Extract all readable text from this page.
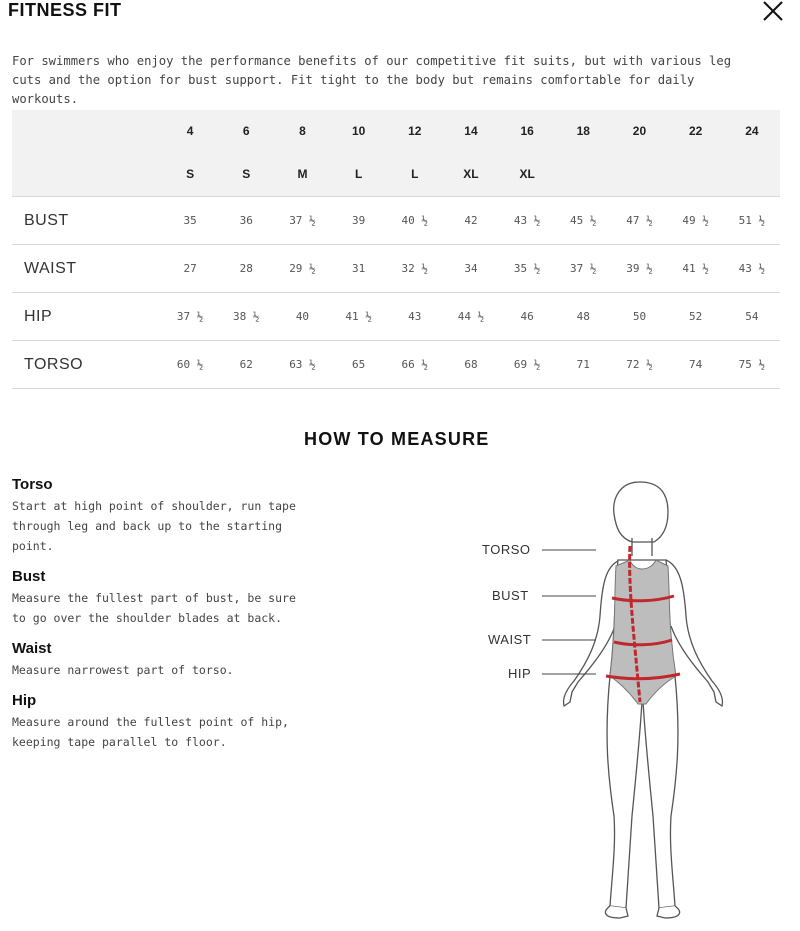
FITNESS FIT
For swimmers who enjoy the performance benefits of our competitive fit suits, but with various leg cuts and the option for bust support. Fit tight to the body but remains comfortable for daily workouts.
	4	6	8	10	12	14	16	18	20	22	24
	S	S	M	L	L	XL	XL				
BUST	35	36	37 ½	39	40 ½	42	43 ½	45 ½	47 ½	49 ½	51 ½
WAIST	27	28	29 ½	31	32 ½	34	35 ½	37 ½	39 ½	41 ½	43 ½
HIP	37 ½	38 ½	40	41 ½	43	44 ½	46	48	50	52	54
TORSO	60 ½	62	63 ½	65	66 ½	68	69 ½	71	72 ½	74	75 ½
HOW TO MEASURE
Torso
Start at high point of shoulder, run tape through leg and back up to the starting point.
Bust
Measure the fullest part of bust, be sure to go over the shoulder blades at back.
Waist
Measure narrowest part of torso.
Hip
Measure around the fullest point of hip, keeping tape parallel to floor.
TORSO
BUST
WAIST
HIP
